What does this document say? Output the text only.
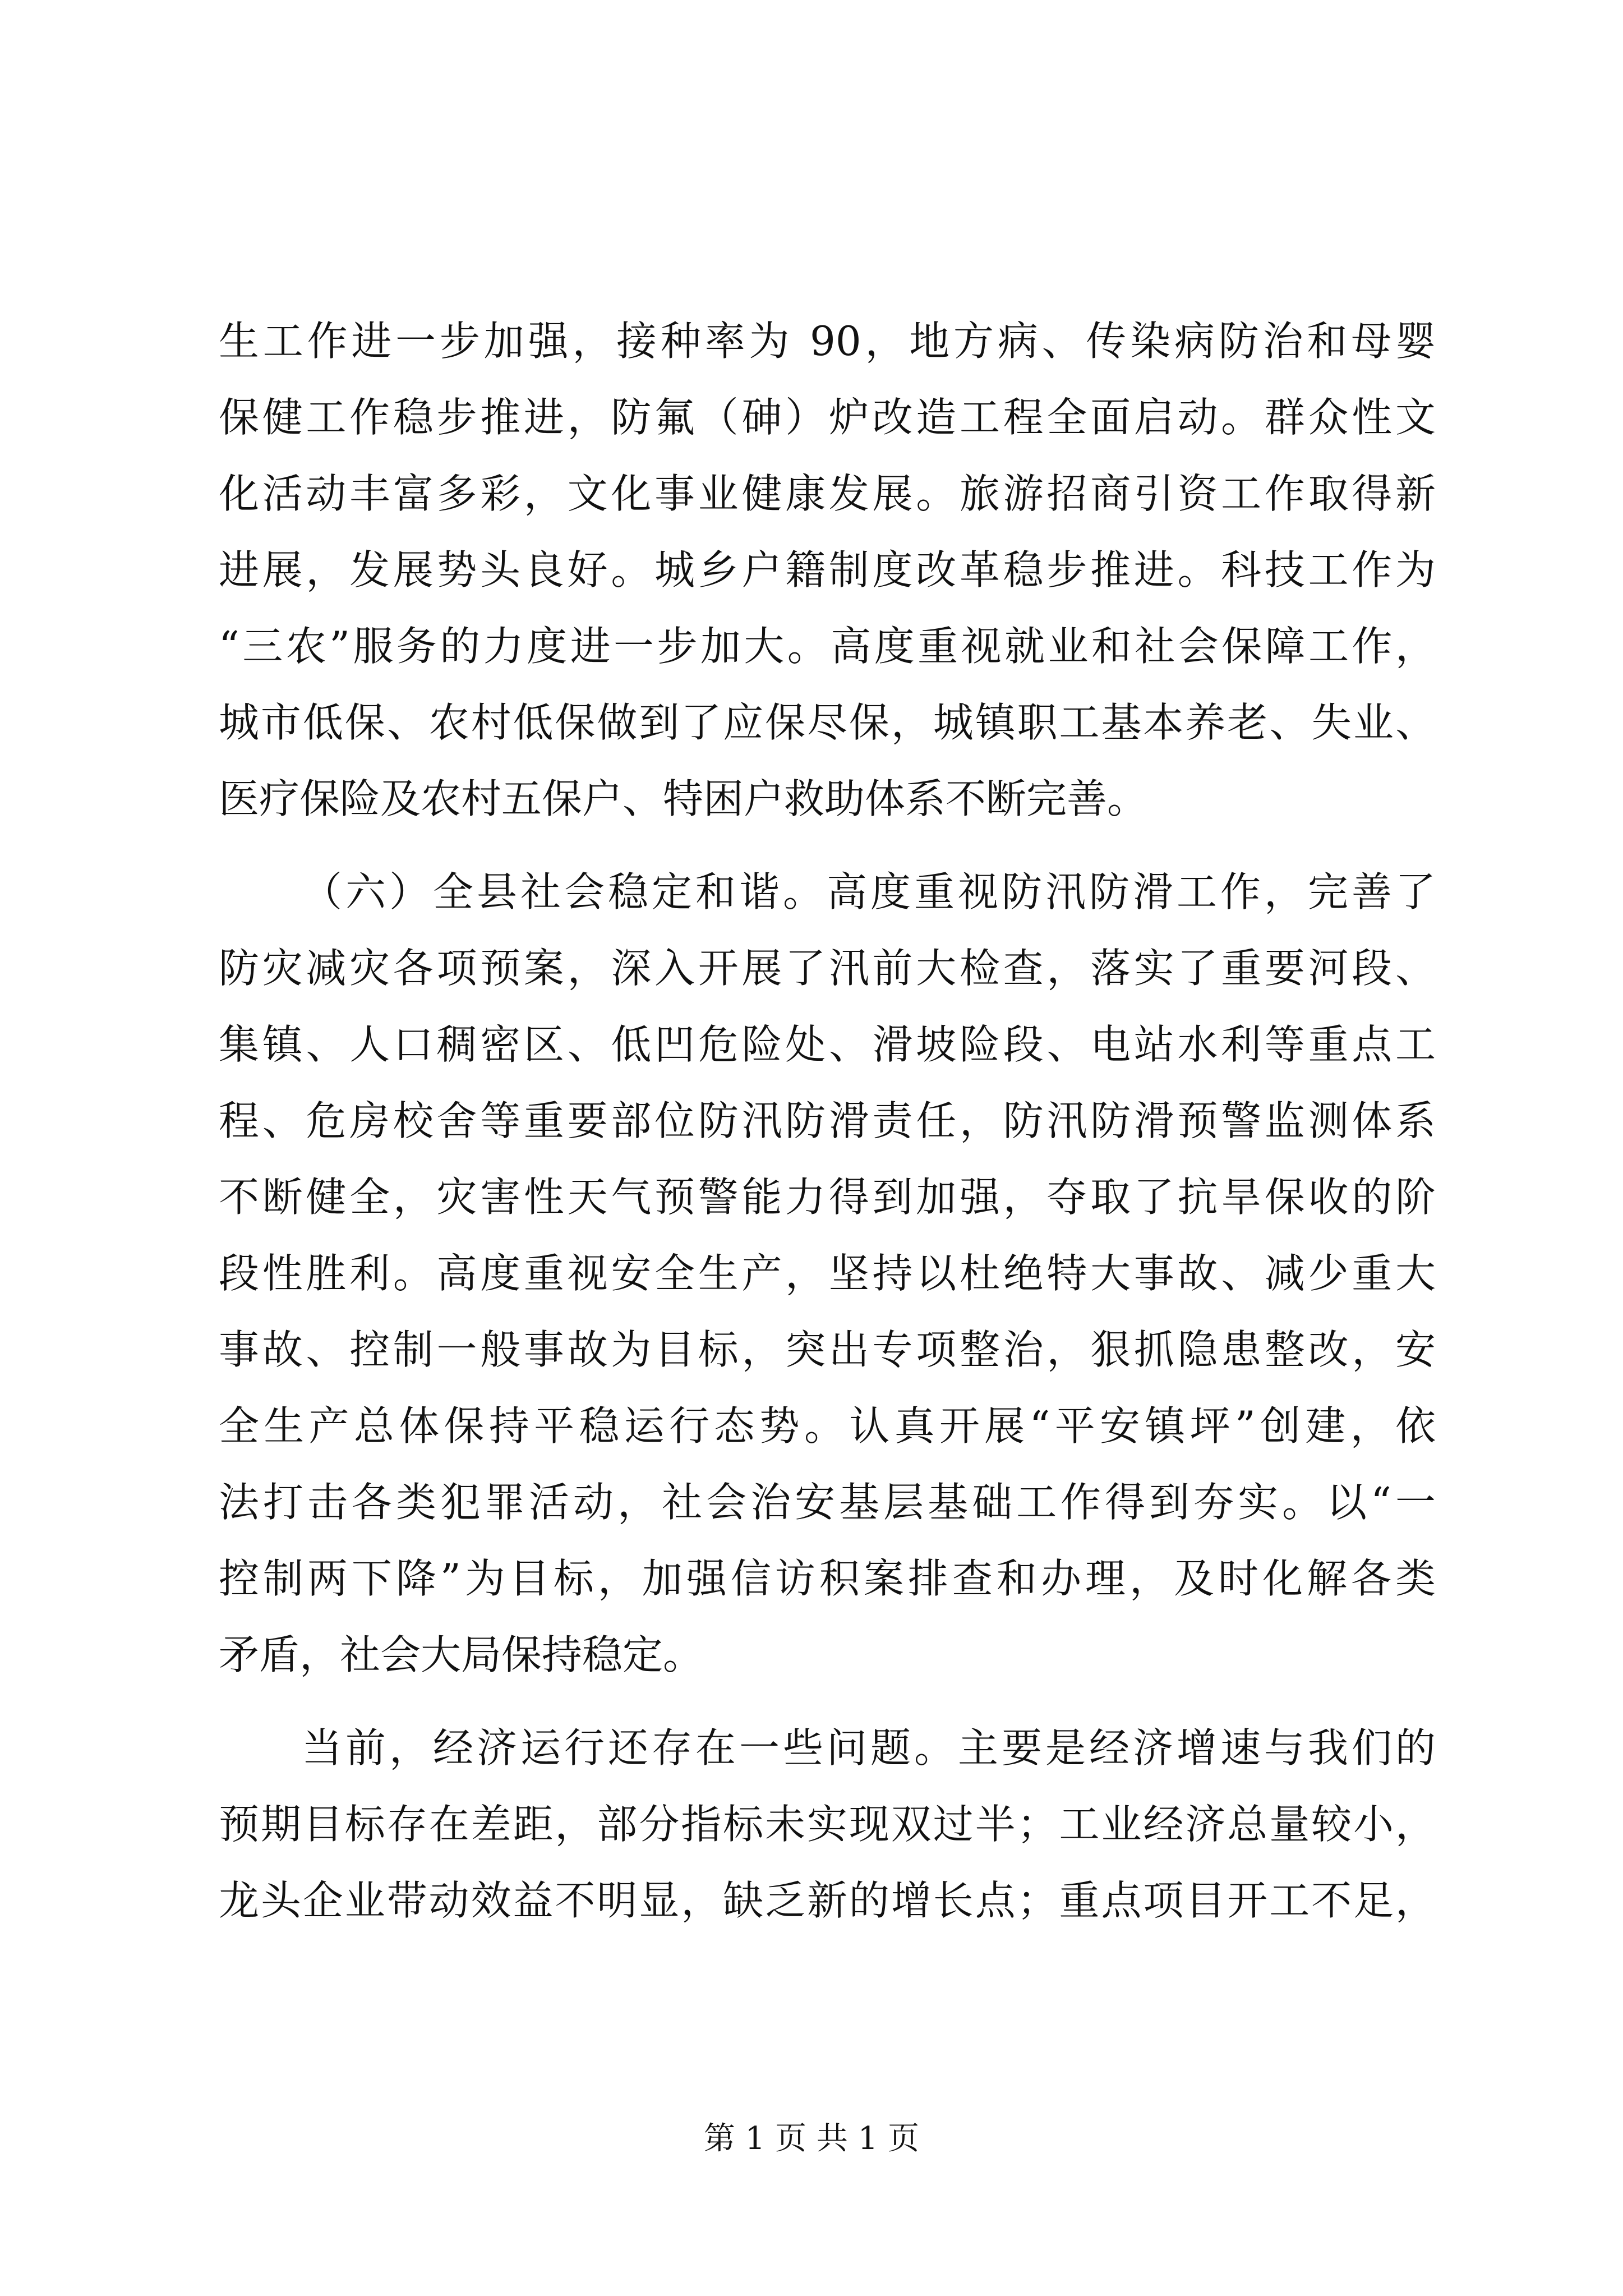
生工作进一步加强，接种率为 90，地方病、传染病防治和母婴
保健工作稳步推进，防氟（砷）炉改造工程全面启动。群众性文
化活动丰富多彩，文化事业健康发展。旅游招商引资工作取得新
进展，发展势头良好。城乡户籍制度改革稳步推进。科技工作为
“三农”服务的力度进一步加大。高度重视就业和社会保障工作，
城市低保、农村低保做到了应保尽保，城镇职工基本养老、失业、
医疗保险及农村五保户、特困户救助体系不断完善。
（六）全县社会稳定和谐。高度重视防汛防滑工作，完善了
防灾减灾各项预案，深入开展了汛前大检查，落实了重要河段、
集镇、人口稠密区、低凹危险处、滑坡险段、电站水利等重点工
程、危房校舍等重要部位防汛防滑责任，防汛防滑预警监测体系
不断健全，灾害性天气预警能力得到加强，夺取了抗旱保收的阶
段性胜利。高度重视安全生产，坚持以杜绝特大事故、减少重大
事故、控制一般事故为目标，突出专项整治，狠抓隐患整改，安
全生产总体保持平稳运行态势。认真开展“平安镇坪”创建，依
法打击各类犯罪活动，社会治安基层基础工作得到夯实。以“一
控制两下降”为目标，加强信访积案排查和办理，及时化解各类
矛盾，社会大局保持稳定。
当前，经济运行还存在一些问题。主要是经济增速与我们的
预期目标存在差距，部分指标未实现双过半；工业经济总量较小，
龙头企业带动效益不明显，缺乏新的增长点；重点项目开工不足，
第 1 页 共 1 页
